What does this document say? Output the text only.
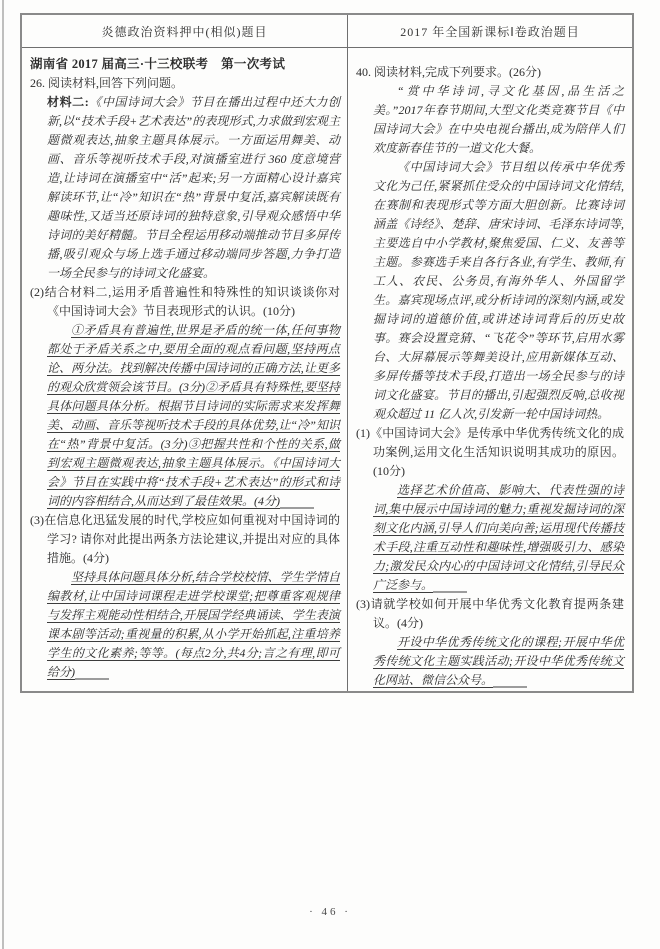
炎德政治资料押中(相似)题目	2017 年全国新课标Ⅰ卷政治题目

湖南省 2017 届高三·十三校联考　第一次考试

26. 阅读材料,回答下列问题。

材料二:《中国诗词大会》节目在播出过程中还大力创新,以“技术手段+艺术表达”的表现形式,力求做到宏观主题微观表达,抽象主题具体展示。一方面运用舞美、动画、音乐等视听技术手段,对演播室进行 360 度意境营造,让诗词在演播室中“活”起来;另一方面精心设计嘉宾解读环节,让“冷”知识在“热”背景中复活,嘉宾解读既有趣味性,又适当还原诗词的独特意象,引导观众感悟中华诗词的美好精髓。节目全程运用移动端推动节目多屏传播,吸引观众与场上选手通过移动端同步答题,力争打造一场全民参与的诗词文化盛宴。

(2)结合材料二,运用矛盾普遍性和特殊性的知识谈谈你对《中国诗词大会》节目表现形式的认识。(10分)

①矛盾具有普遍性,世界是矛盾的统一体,任何事物都处于矛盾关系之中,要用全面的观点看问题,坚持两点论、两分法。找到解决传播中国诗词的正确方法,让更多的观众欣赏领会该节目。(3分)②矛盾具有特殊性,要坚持具体问题具体分析。根据节目诗词的实际需求来发挥舞美、动画、音乐等视听技术手段的具体优势,让“冷”知识在“热”背景中复活。(3分)③把握共性和个性的关系,做到宏观主题微观表达,抽象主题具体展示。《中国诗词大会》节目在实践中将“技术手段+艺术表达”的形式和诗词的内容相结合,从而达到了最佳效果。(4分)

(3)在信息化迅猛发展的时代,学校应如何重视对中国诗词的学习? 请你对此提出两条方法论建议,并提出对应的具体措施。(4分)

坚持具体问题具体分析,结合学校校情、学生学情自编教材,让中国诗词课程走进学校课堂;把尊重客观规律与发挥主观能动性相结合,开展国学经典诵读、学生表演课本剧等活动;重视量的积累,从小学开始抓起,注重培养学生的文化素养;等等。(每点2分,共4分;言之有理,即可给分)

40. 阅读材料,完成下列要求。(26分)

“赏中华诗词,寻文化基因,品生活之美。”2017年春节期间,大型文化类竞赛节目《中国诗词大会》在中央电视台播出,成为陪伴人们欢度新春佳节的一道文化大餐。

《中国诗词大会》节目组以传承中华优秀文化为己任,紧紧抓住受众的中国诗词文化情结,在赛制和表现形式等方面大胆创新。比赛诗词涵盖《诗经》、楚辞、唐宋诗词、毛泽东诗词等,主要选自中小学教材,聚焦爱国、仁义、友善等主题。参赛选手来自各行各业,有学生、教师,有工人、农民、公务员,有海外华人、外国留学生。嘉宾现场点评,或分析诗词的深刻内涵,或发掘诗词的道德价值,或讲述诗词背后的历史故事。赛会设置竞猜、“飞花令”等环节,启用水雾台、大屏幕展示等舞美设计,应用新媒体互动、多屏传播等技术手段,打造出一场全民参与的诗词文化盛宴。节目的播出,引起强烈反响,总收视观众超过 11 亿人次,引发新一轮中国诗词热。

(1)《中国诗词大会》是传承中华优秀传统文化的成功案例,运用文化生活知识说明其成功的原因。(10分)

选择艺术价值高、影响大、代表性强的诗词,集中展示中国诗词的魅力;重视发掘诗词的深刻文化内涵,引导人们向美向善;运用现代传播技术手段,注重互动性和趣味性,增强吸引力、感染力;激发民众内心的中国诗词文化情结,引导民众广泛参与。

(3)请就学校如何开展中华优秀文化教育提两条建议。(4分)

开设中华优秀传统文化的课程;开展中华优秀传统文化主题实践活动;开设中华优秀传统文化网站、微信公众号。

· 46 ·
